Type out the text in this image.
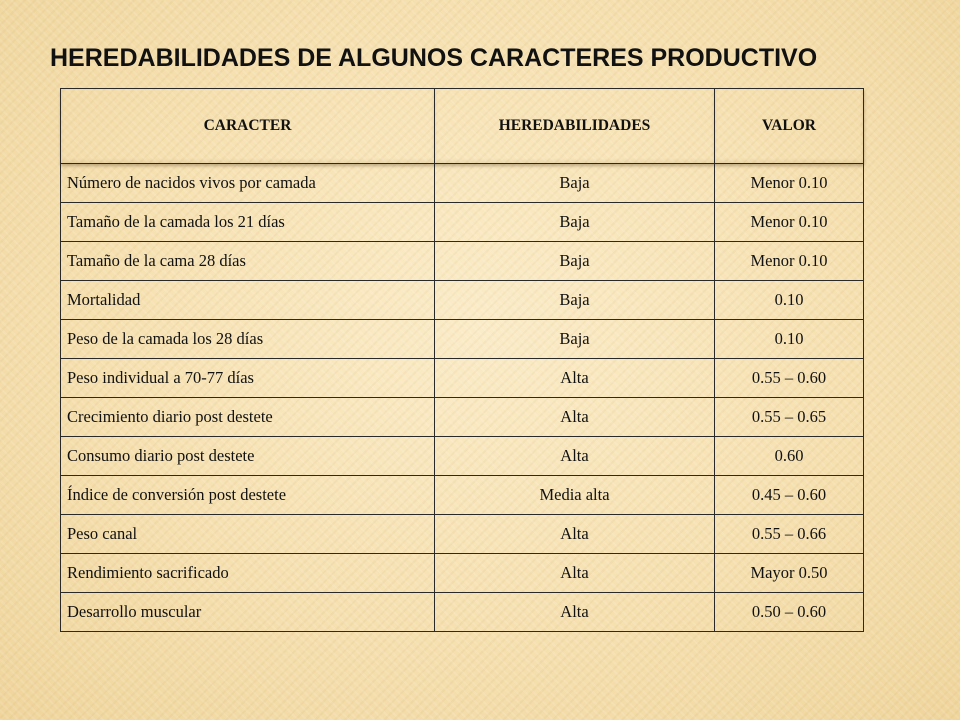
HEREDABILIDADES DE ALGUNOS CARACTERES PRODUCTIVO
CARACTER	HEREDABILIDADES	VALOR
Número de nacidos vivos por camada	Baja	Menor 0.10
Tamaño de la camada los 21 días	Baja	Menor 0.10
Tamaño de la cama 28 días	Baja	Menor 0.10
Mortalidad	Baja	0.10
Peso de la camada los 28 días	Baja	0.10
Peso individual a 70-77 días	Alta	0.55 – 0.60
Crecimiento diario post destete	Alta	0.55 – 0.65
Consumo diario post destete	Alta	0.60
Índice de conversión post destete	Media alta	0.45 – 0.60
Peso canal	Alta	0.55 – 0.66
Rendimiento sacrificado	Alta	Mayor 0.50
Desarrollo muscular	Alta	0.50 – 0.60
